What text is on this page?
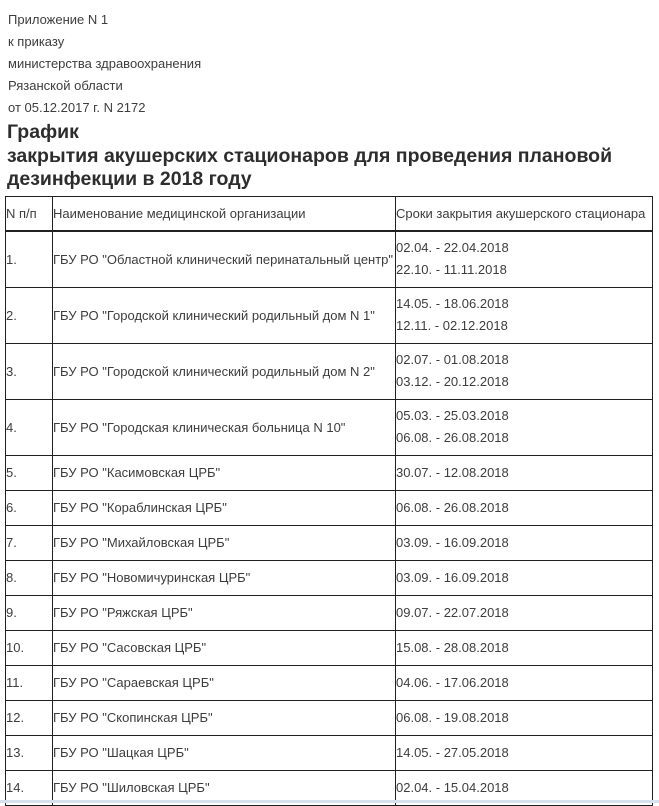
Приложение N 1
к приказу
министерства здравоохранения
Рязанской области
от 05.12.2017 г. N 2172
График
закрытия акушерских стационаров для проведения плановой
дезинфекции в 2018 году
N п/п	Наименование медицинской организации	Сроки закрытия акушерского стационара
1.	ГБУ РО "Областной клинический перинатальный центр"	02.04. - 22.04.2018
22.10. - 11.11.2018

2.	ГБУ РО "Городской клинический родильный дом N 1"	14.05. - 18.06.2018
12.11. - 02.12.2018

3.	ГБУ РО "Городской клинический родильный дом N 2"	02.07. - 01.08.2018
03.12. - 20.12.2018

4.	ГБУ РО "Городская клиническая больница N 10"	05.03. - 25.03.2018
06.08. - 26.08.2018

5.	ГБУ РО "Касимовская ЦРБ"	30.07. - 12.08.2018

6.	ГБУ РО "Кораблинская ЦРБ"	06.08. - 26.08.2018

7.	ГБУ РО "Михайловская ЦРБ"	03.09. - 16.09.2018

8.	ГБУ РО "Новомичуринская ЦРБ"	03.09. - 16.09.2018

9.	ГБУ РО "Ряжская ЦРБ"	09.07. - 22.07.2018

10.	ГБУ РО "Сасовская ЦРБ"	15.08. - 28.08.2018

11.	ГБУ РО "Сараевская ЦРБ"	04.06. - 17.06.2018

12.	ГБУ РО "Скопинская ЦРБ"	06.08. - 19.08.2018

13.	ГБУ РО "Шацкая ЦРБ"	14.05. - 27.05.2018

14.	ГБУ РО "Шиловская ЦРБ"	02.04. - 15.04.2018
